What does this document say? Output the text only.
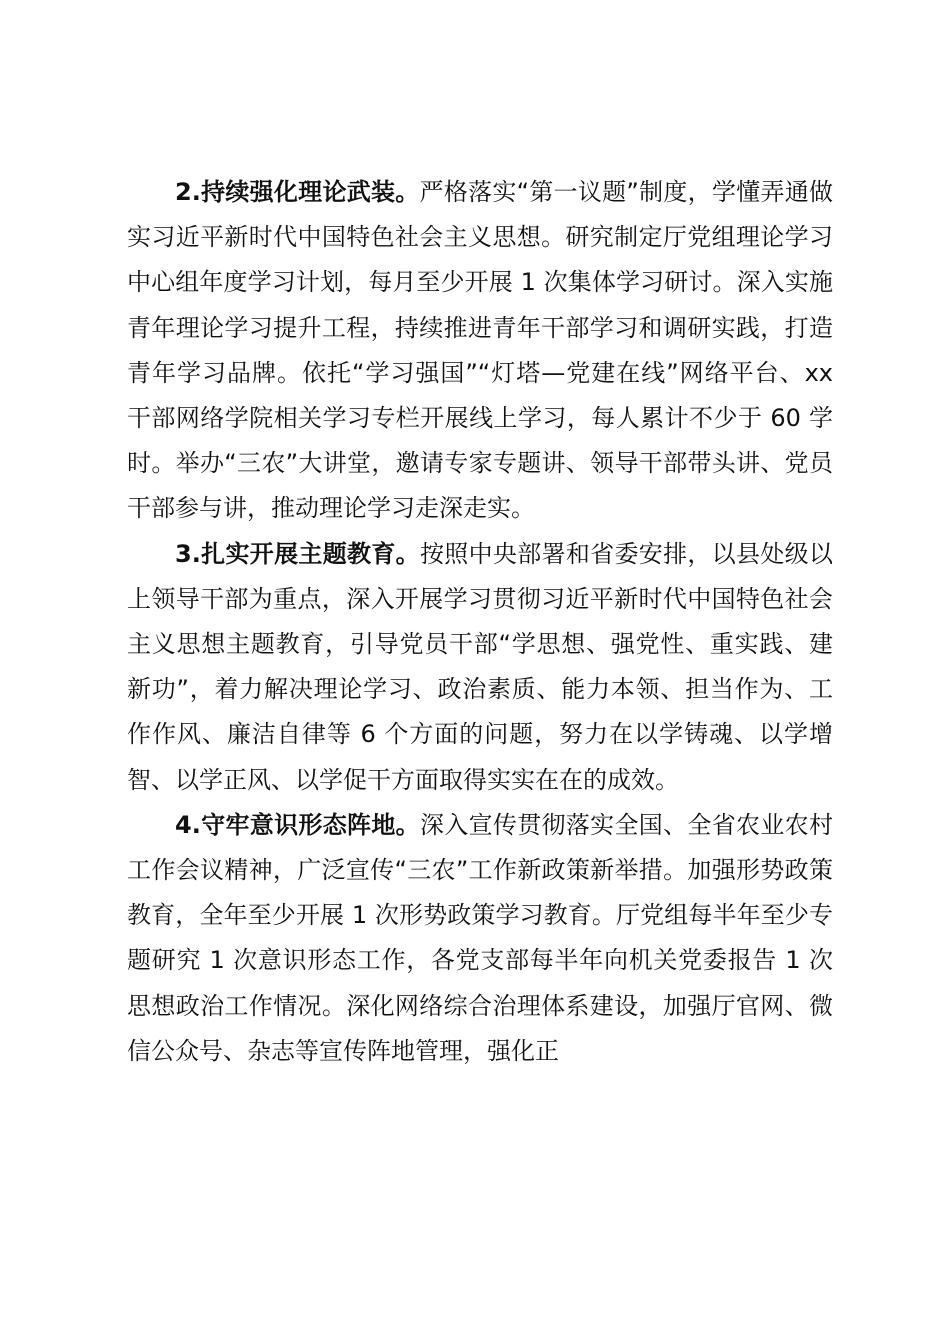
2.持续强化理论武装。严格落实“第一议题”制度，学懂弄通做实习近平新时代中国特色社会主义思想。研究制定厅党组理论学习中心组年度学习计划，每月至少开展 1 次集体学习研讨。深入实施青年理论学习提升工程，持续推进青年干部学习和调研实践，打造青年学习品牌。依托“学习强国”“灯塔—党建在线”网络平台、xx 干部网络学院相关学习专栏开展线上学习，每人累计不少于 60 学时。举办“三农”大讲堂，邀请专家专题讲、领导干部带头讲、党员干部参与讲，推动理论学习走深走实。

3.扎实开展主题教育。按照中央部署和省委安排，以县处级以上领导干部为重点，深入开展学习贯彻习近平新时代中国特色社会主义思想主题教育，引导党员干部“学思想、强党性、重实践、建新功”，着力解决理论学习、政治素质、能力本领、担当作为、工作作风、廉洁自律等 6 个方面的问题，努力在以学铸魂、以学增智、以学正风、以学促干方面取得实实在在的成效。

4.守牢意识形态阵地。深入宣传贯彻落实全国、全省农业农村工作会议精神，广泛宣传“三农”工作新政策新举措。加强形势政策教育，全年至少开展 1 次形势政策学习教育。厅党组每半年至少专题研究 1 次意识形态工作，各党支部每半年向机关党委报告 1 次思想政治工作情况。深化网络综合治理体系建设，加强厅官网、微信公众号、杂志等宣传阵地管理，强化正
